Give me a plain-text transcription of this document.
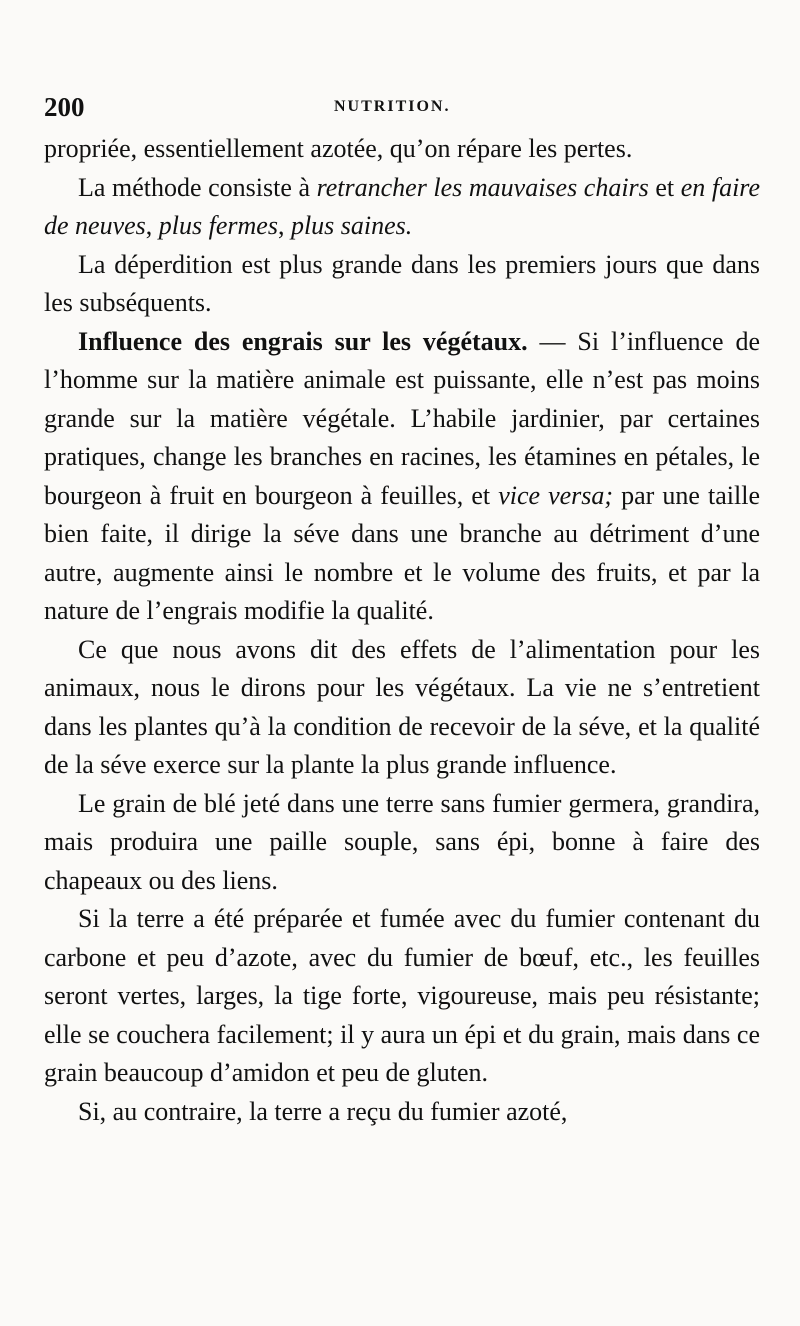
200	NUTRITION.

propriée, essentiellement azotée, qu’on répare les pertes.

La méthode consiste à retrancher les mauvaises chairs et en faire de neuves, plus fermes, plus saines.

La déperdition est plus grande dans les premiers jours que dans les subséquents.

Influence des engrais sur les végétaux. — Si l’influence de l’homme sur la matière animale est puissante, elle n’est pas moins grande sur la matière végétale. L’habile jardinier, par certaines pratiques, change les branches en racines, les étamines en pétales, le bourgeon à fruit en bourgeon à feuilles, et vice versa; par une taille bien faite, il dirige la séve dans une branche au détriment d’une autre, augmente ainsi le nombre et le volume des fruits, et par la nature de l’engrais modifie la qualité.

Ce que nous avons dit des effets de l’alimentation pour les animaux, nous le dirons pour les végétaux. La vie ne s’entretient dans les plantes qu’à la condition de recevoir de la séve, et la qualité de la séve exerce sur la plante la plus grande influence.

Le grain de blé jeté dans une terre sans fumier germera, grandira, mais produira une paille souple, sans épi, bonne à faire des chapeaux ou des liens.

Si la terre a été préparée et fumée avec du fumier contenant du carbone et peu d’azote, avec du fumier de bœuf, etc., les feuilles seront vertes, larges, la tige forte, vigoureuse, mais peu résistante; elle se couchera facilement; il y aura un épi et du grain, mais dans ce grain beaucoup d’amidon et peu de gluten.

Si, au contraire, la terre a reçu du fumier azoté,
